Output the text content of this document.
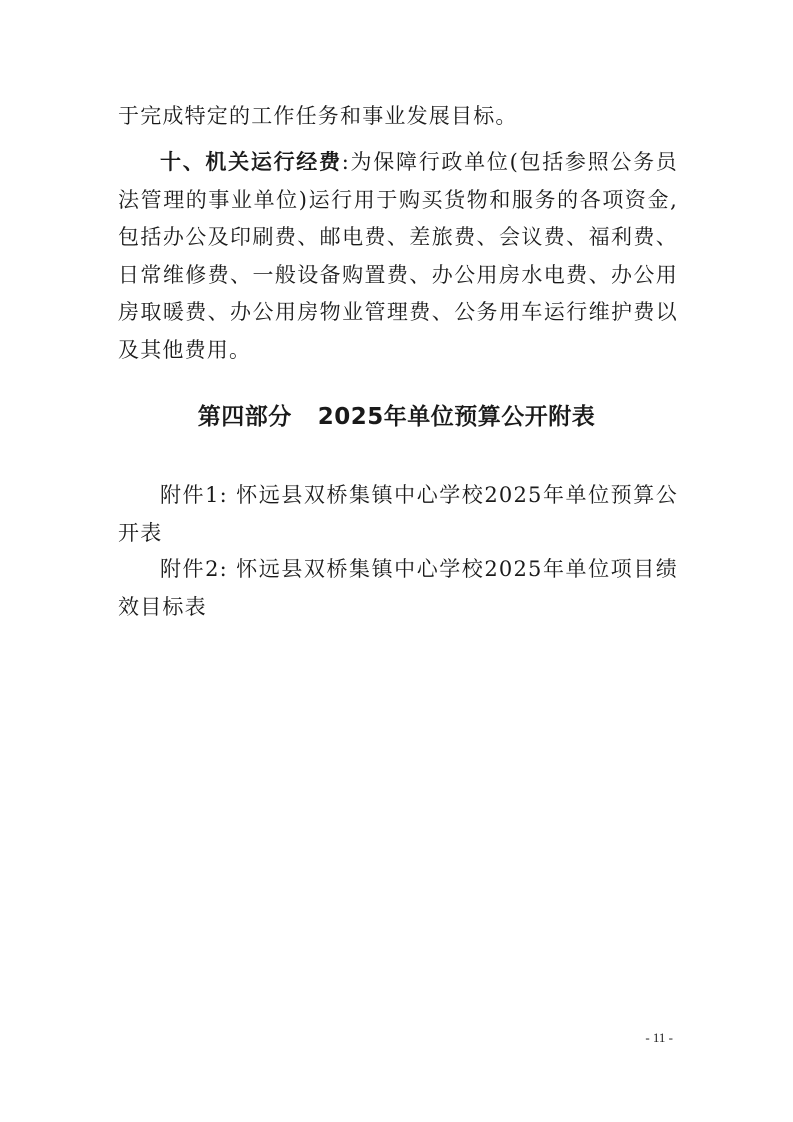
于完成特定的工作任务和事业发展目标。

十、机关运行经费:为保障行政单位(包括参照公务员法管理的事业单位)运行用于购买货物和服务的各项资金,包括办公及印刷费、邮电费、差旅费、会议费、福利费、日常维修费、一般设备购置费、办公用房水电费、办公用房取暖费、办公用房物业管理费、公务用车运行维护费以及其他费用。

第四部分 2025年单位预算公开附表

附件1: 怀远县双桥集镇中心学校2025年单位预算公开表

附件2: 怀远县双桥集镇中心学校2025年单位项目绩效目标表

- 11 -
